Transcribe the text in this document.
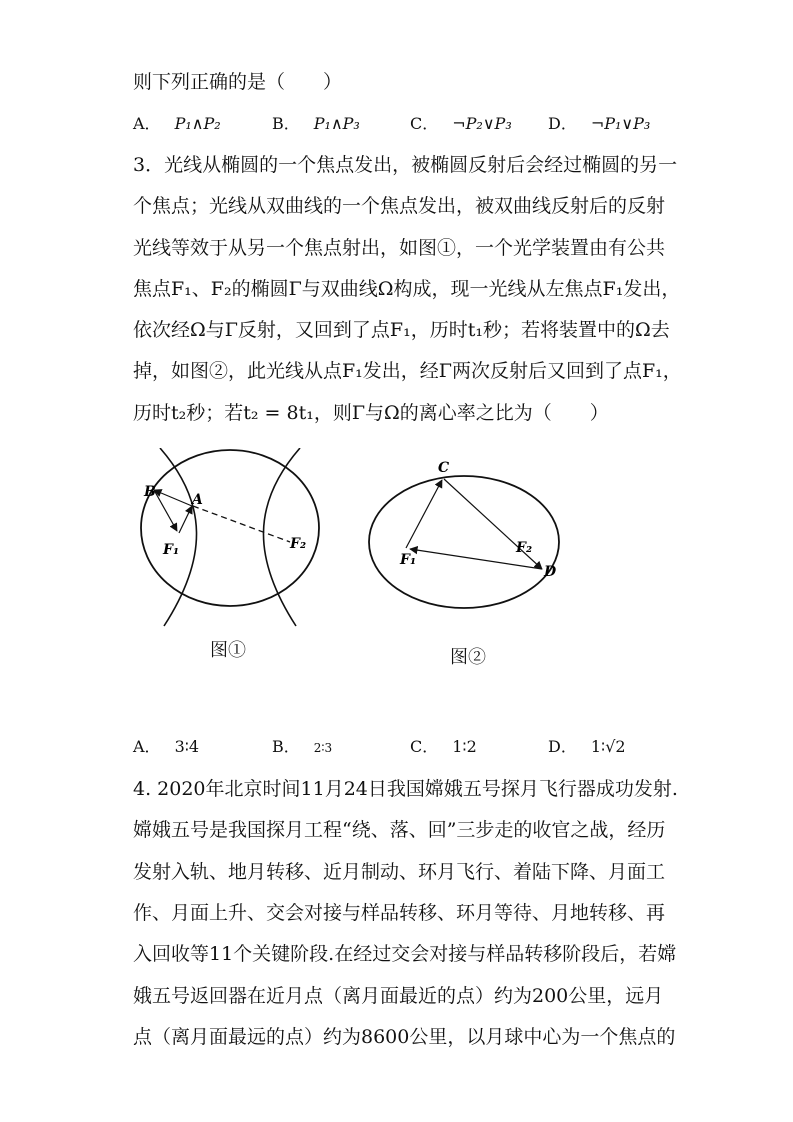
则下列正确的是（　　）
A． P₁∧P₂	B． P₁∧P₃	C． ¬P₂∨P₃ D． ¬P₁∨P₃
3．光线从椭圆的一个焦点发出，被椭圆反射后会经过椭圆的另一
个焦点；光线从双曲线的一个焦点发出，被双曲线反射后的反射
光线等效于从另一个焦点射出，如图①，一个光学装置由有公共
焦点F₁、F₂的椭圆Γ与双曲线Ω构成，现一光线从左焦点F₁发出，
依次经Ω与Γ反射，又回到了点F₁，历时t₁秒；若将装置中的Ω去
掉，如图②，此光线从点F₁发出，经Γ两次反射后又回到了点F₁，
历时t₂秒；若t₂ = 8t₁，则Γ与Ω的离心率之比为（　　）
B	A
F₁	F₂
图①
C
F₁
F₂
D
图②
A． 3∶4	B． 2∶3	C． 1∶2	D． 1∶√2
4. 2020年北京时间11月24日我国嫦娥五号探月飞行器成功发射.
嫦娥五号是我国探月工程“绕、落、回”三步走的收官之战，经历
发射入轨、地月转移、近月制动、环月飞行、着陆下降、月面工
作、月面上升、交会对接与样品转移、环月等待、月地转移、再
入回收等11个关键阶段.在经过交会对接与样品转移阶段后，若嫦
娥五号返回器在近月点（离月面最近的点）约为200公里，远月
点（离月面最远的点）约为8600公里，以月球中心为一个焦点的
